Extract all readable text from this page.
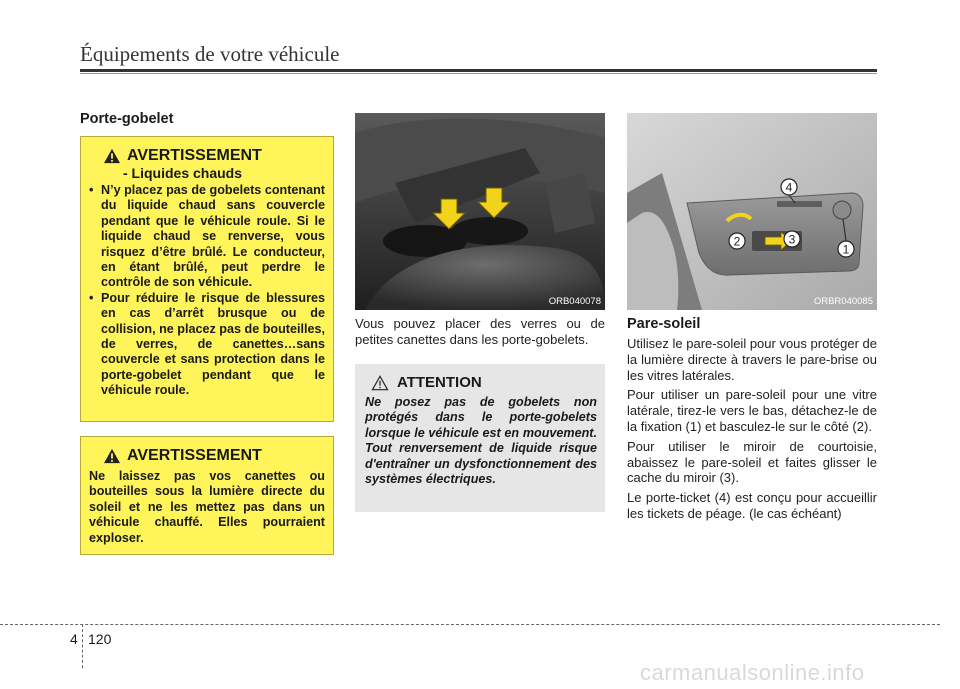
Équipements de votre véhicule
Porte-gobelet
AVERTISSEMENT
- Liquides chauds
• N’y placez pas de gobelets contenant du liquide chaud sans couvercle pendant que le véhicule roule. Si le liquide chaud se renverse, vous risquez d’être brûlé. Le conducteur, en étant brûlé, peut perdre le contrôle de son véhicule.
• Pour réduire le risque de blessures en cas d’arrêt brusque ou de collision, ne placez pas de bouteilles, de verres, de canettes…sans couvercle et sans protection dans le porte-gobelet pendant que le véhicule roule.
AVERTISSEMENT
Ne laissez pas vos canettes ou bouteilles sous la lumière directe du soleil et ne les mettez pas dans un véhicule chauffé. Elles pourraient exploser.
ORB040078
Vous pouvez placer des verres ou de petites canettes dans les porte-gobelets.
ATTENTION
Ne posez pas de gobelets non protégés dans le porte-gobelets lorsque le véhicule est en mouvement. Tout renversement de liquide risque d'entraîner un dysfonctionnement des systèmes électriques.
1
2	3
4
ORBR040085
Pare-soleil

Utilisez le pare-soleil pour vous protéger de la lumière directe à travers le pare-brise ou les vitres latérales.

Pour utiliser un pare-soleil pour une vitre latérale, tirez-le vers le bas, détachez-le de la fixation (1) et basculez-le sur le côté (2).

Pour utiliser le miroir de courtoisie, abaissez le pare-soleil et faites glisser le cache du miroir (3).

Le porte-ticket (4) est conçu pour accueillir les tickets de péage. (le cas échéant)

4 120
carmanualsonline.info
